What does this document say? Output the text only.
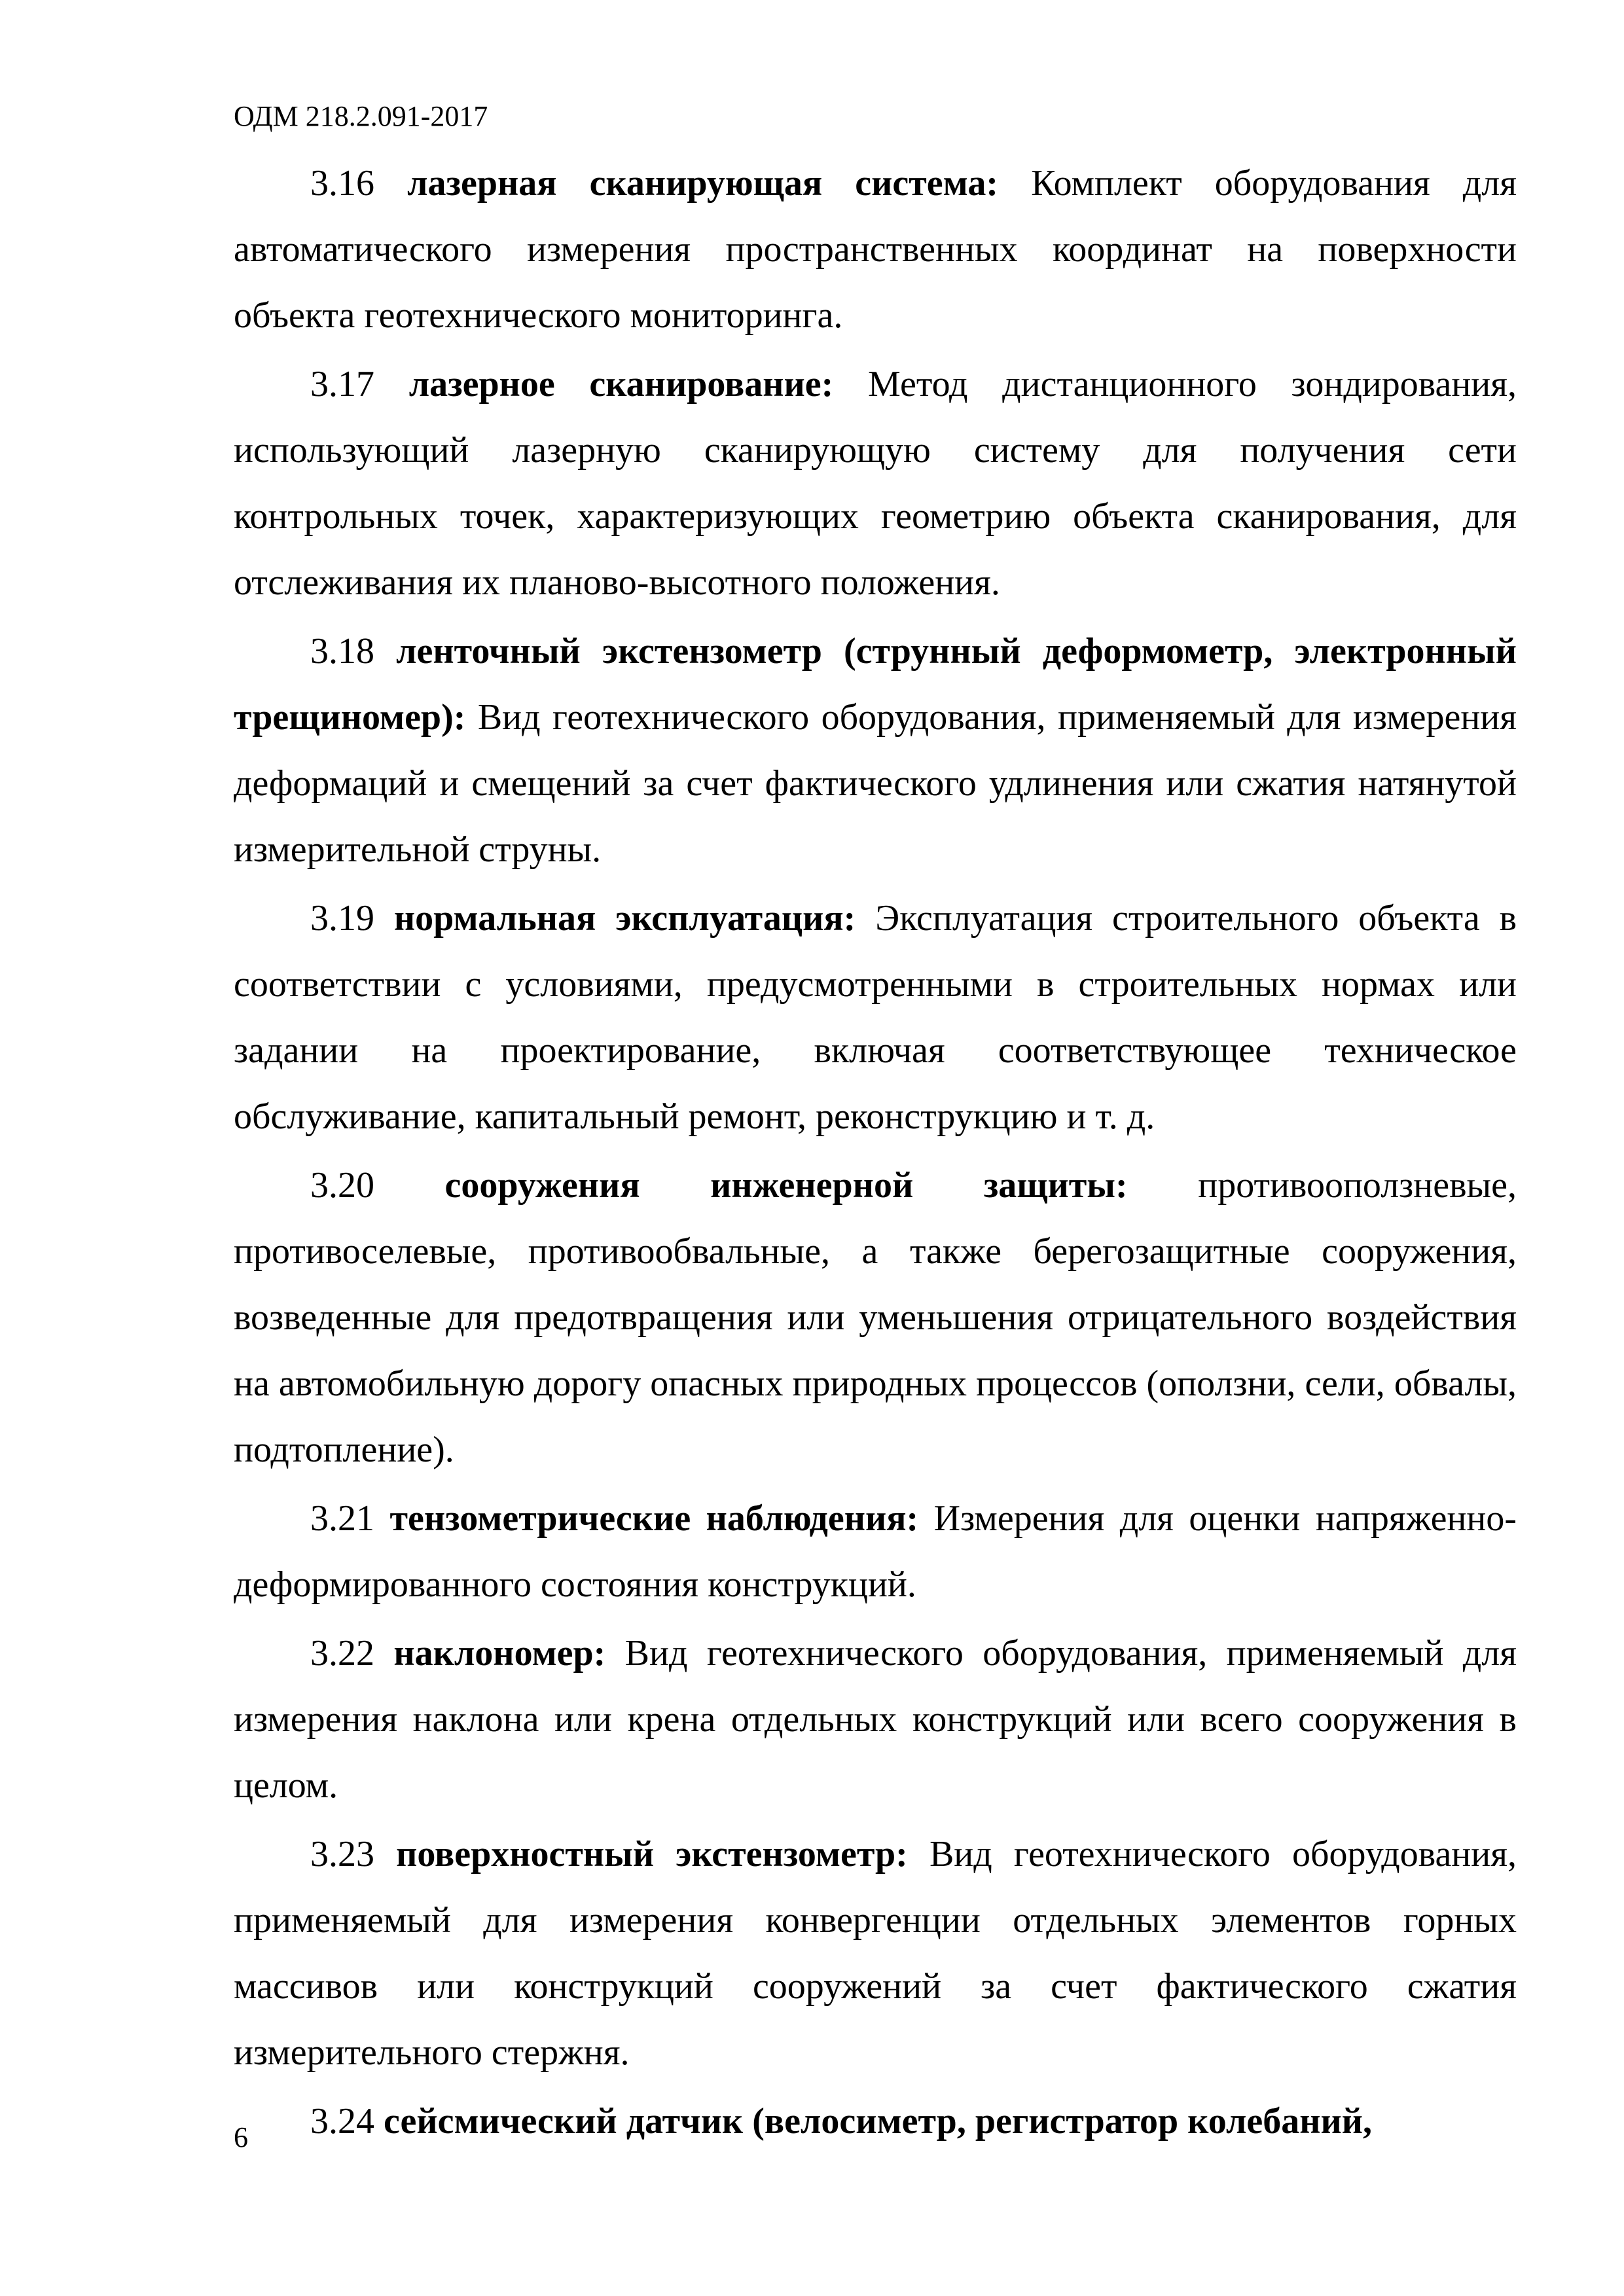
ОДМ 218.2.091-2017

3.16 лазерная сканирующая система: Комплект оборудования для автоматического измерения пространственных координат на поверхности объекта геотехнического мониторинга.

3.17 лазерное сканирование: Метод дистанционного зондирования, использующий лазерную сканирующую систему для получения сети контрольных точек, характеризующих геометрию объекта сканирования, для отслеживания их планово-высотного положения.

3.18 ленточный экстензометр (струнный деформометр, электронный трещиномер): Вид геотехнического оборудования, применяемый для измерения деформаций и смещений за счет фактического удлинения или сжатия натянутой измерительной струны.

3.19 нормальная эксплуатация: Эксплуатация строительного объекта в соответствии с условиями, предусмотренными в строительных нормах или задании на проектирование, включая соответствующее техническое обслуживание, капитальный ремонт, реконструкцию и т. д.

3.20 сооружения инженерной защиты: противооползневые, противоселевые, противообвальные, а также берегозащитные сооружения, возведенные для предотвращения или уменьшения отрицательного воздействия на автомобильную дорогу опасных природных процессов (оползни, сели, обвалы, подтопление).

3.21 тензометрические наблюдения: Измерения для оценки напряженно-деформированного состояния конструкций.

3.22 наклономер: Вид геотехнического оборудования, применяемый для измерения наклона или крена отдельных конструкций или всего сооружения в целом.

3.23 поверхностный экстензометр: Вид геотехнического оборудования, применяемый для измерения конвергенции отдельных элементов горных массивов или конструкций сооружений за счет фактического сжатия измерительного стержня.

3.24 сейсмический датчик (велосиметр, регистратор колебаний,

6
